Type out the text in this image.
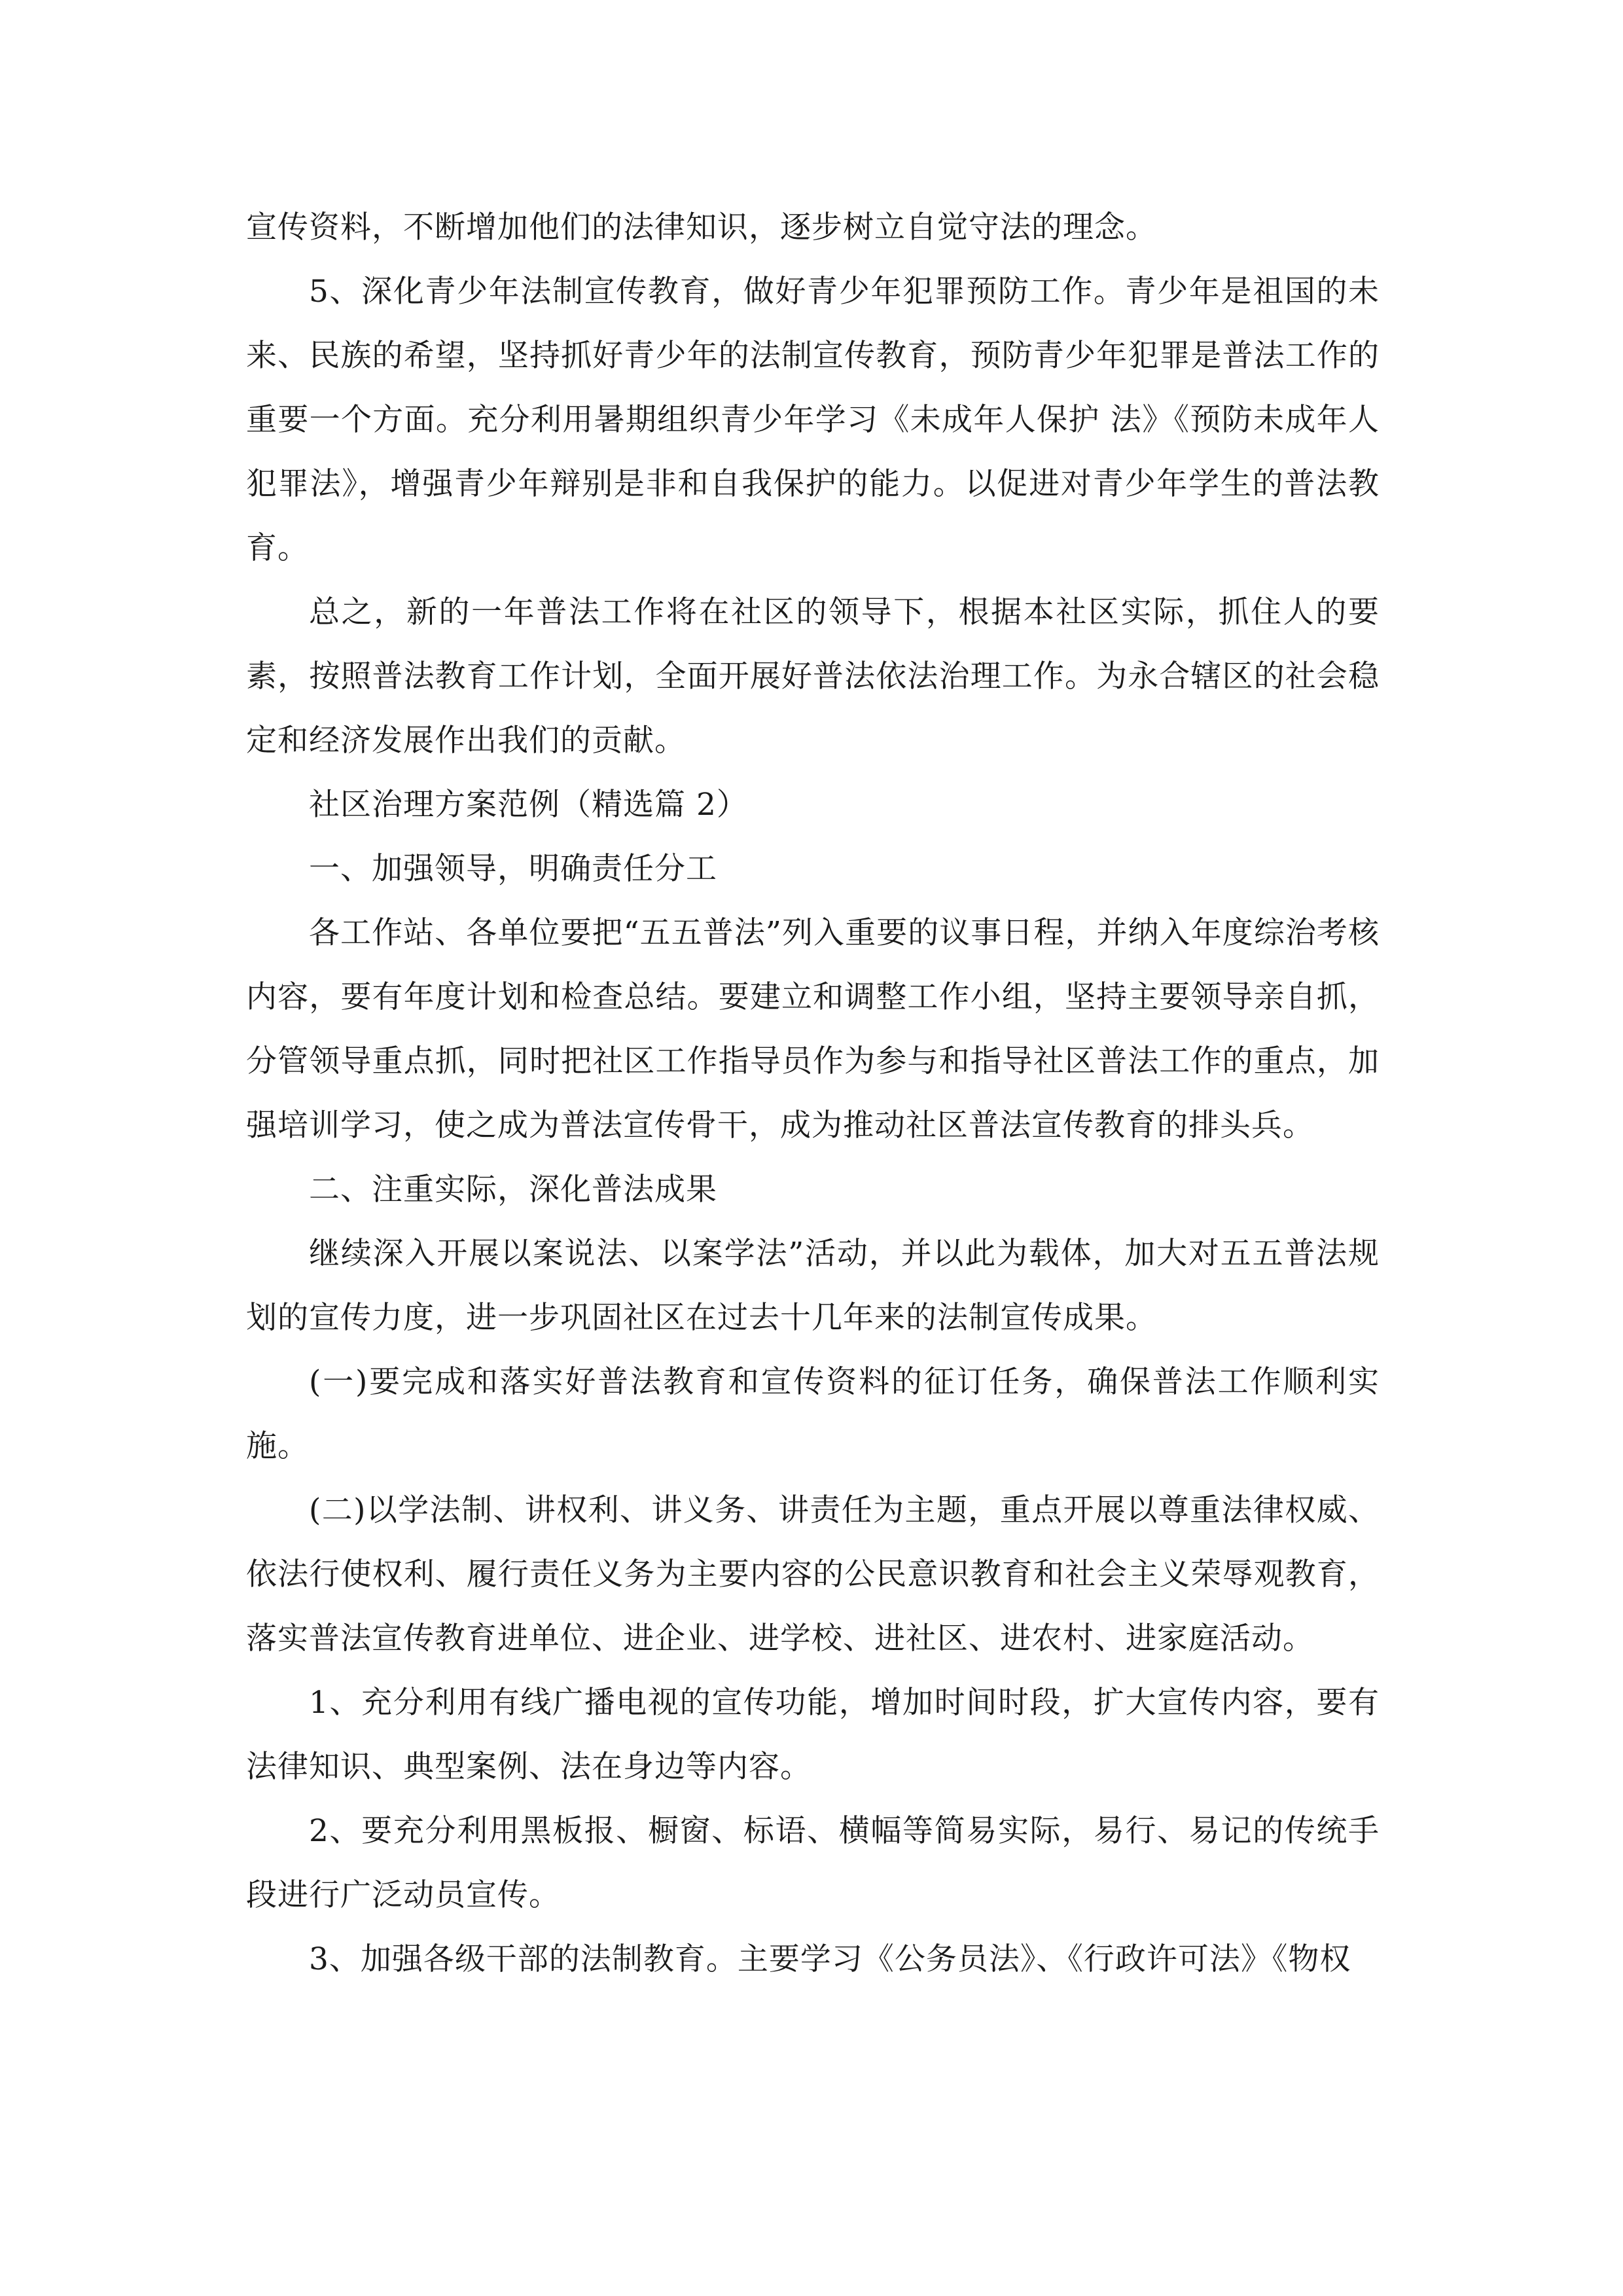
宣传资料，不断增加他们的法律知识，逐步树立自觉守法的理念。

5、深化青少年法制宣传教育，做好青少年犯罪预防工作。青少年是祖国的未来、民族的希望，坚持抓好青少年的法制宣传教育，预防青少年犯罪是普法工作的重要一个方面。充分利用暑期组织青少年学习《未成年人保护 法》《预防未成年人犯罪法》，增强青少年辩别是非和自我保护的能力。以促进对青少年学生的普法教育。

总之，新的一年普法工作将在社区的领导下，根据本社区实际，抓住人的要素，按照普法教育工作计划，全面开展好普法依法治理工作。为永合辖区的社会稳定和经济发展作出我们的贡献。

社区治理方案范例（精选篇 2）

一、加强领导，明确责任分工

各工作站、各单位要把“五五普法”列入重要的议事日程，并纳入年度综治考核内容，要有年度计划和检查总结。要建立和调整工作小组，坚持主要领导亲自抓，分管领导重点抓，同时把社区工作指导员作为参与和指导社区普法工作的重点，加强培训学习，使之成为普法宣传骨干，成为推动社区普法宣传教育的排头兵。

二、注重实际，深化普法成果

继续深入开展以案说法、以案学法”活动，并以此为载体，加大对五五普法规划的宣传力度，进一步巩固社区在过去十几年来的法制宣传成果。

(一)要完成和落实好普法教育和宣传资料的征订任务，确保普法工作顺利实施。

(二)以学法制、讲权利、讲义务、讲责任为主题，重点开展以尊重法律权威、依法行使权利、履行责任义务为主要内容的公民意识教育和社会主义荣辱观教育，落实普法宣传教育进单位、进企业、进学校、进社区、进农村、进家庭活动。

1、充分利用有线广播电视的宣传功能，增加时间时段，扩大宣传内容，要有法律知识、典型案例、法在身边等内容。

2、要充分利用黑板报、橱窗、标语、横幅等简易实际，易行、易记的传统手段进行广泛动员宣传。

3、加强各级干部的法制教育。主要学习《公务员法》、《行政许可法》《物权
